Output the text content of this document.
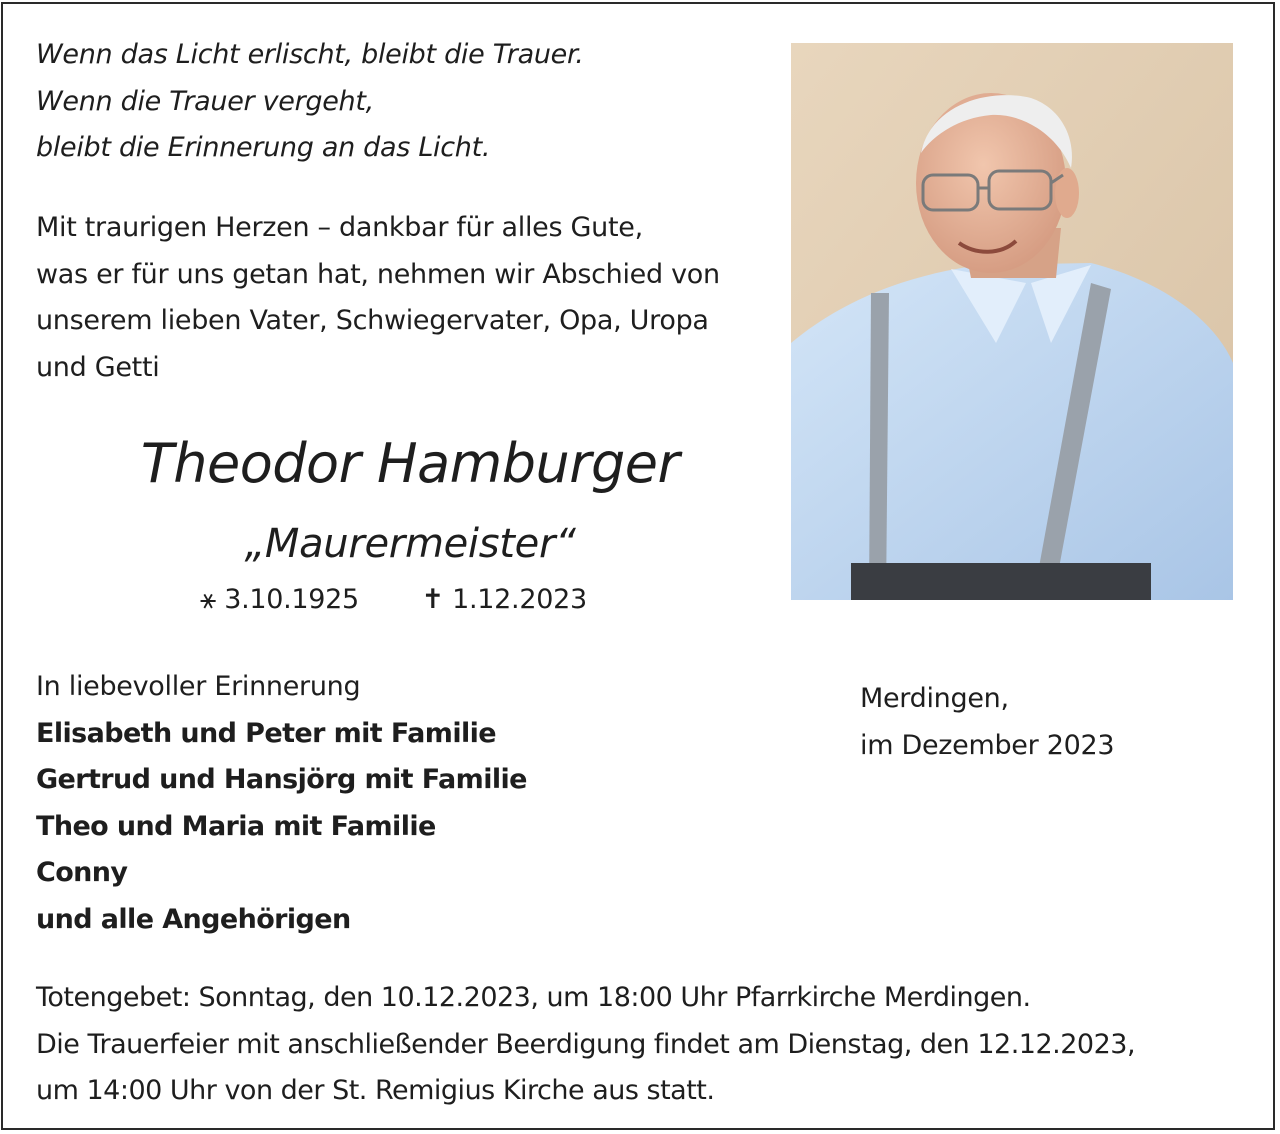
Wenn das Licht erlischt, bleibt die Trauer.
Wenn die Trauer vergeht,
bleibt die Erinnerung an das Licht.
Mit traurigen Herzen – dankbar für alles Gute,
was er für uns getan hat, nehmen wir Abschied von
unserem lieben Vater, Schwiegervater, Opa, Uropa
und Getti
Theodor Hamburger
„Maurermeister“
⚹ 3.10.1925 ✝ 1.12.2023
In liebevoller Erinnerung
Elisabeth und Peter mit Familie
Gertrud und Hansjörg mit Familie
Theo und Maria mit Familie
Conny
und alle Angehörigen
Merdingen,
im Dezember 2023
Totengebet: Sonntag, den 10.12.2023, um 18:00 Uhr Pfarrkirche Merdingen.
Die Trauerfeier mit anschließender Beerdigung findet am Dienstag, den 12.12.2023,
um 14:00 Uhr von der St. Remigius Kirche aus statt.
